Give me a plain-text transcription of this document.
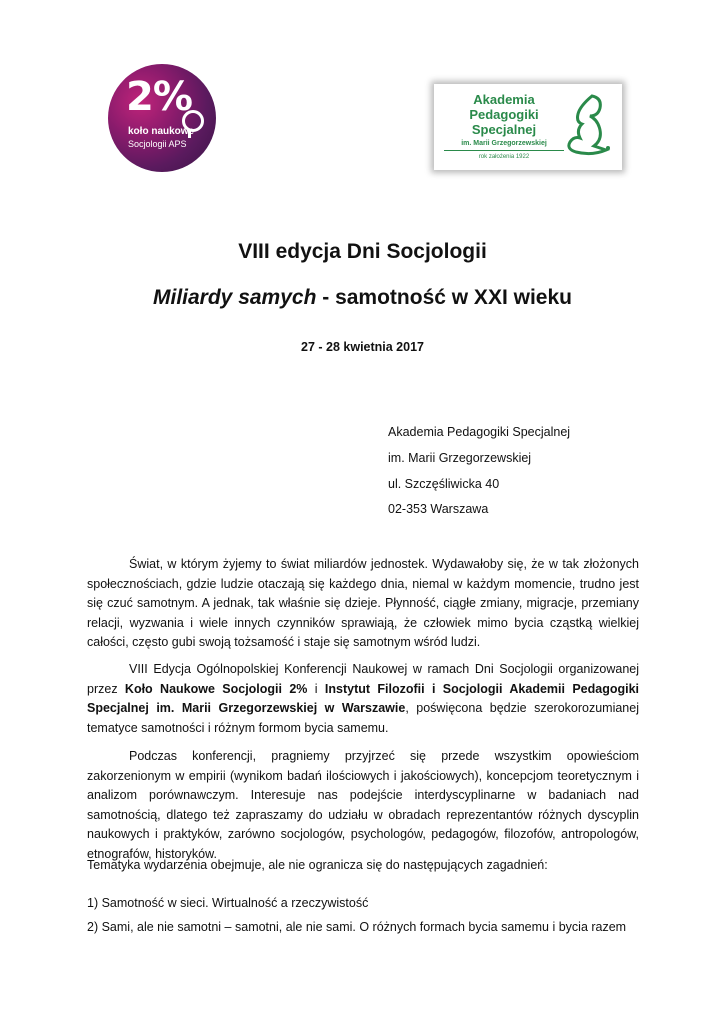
2%
koło naukowe
Socjologii APS
Akademia
Pedagogiki
Specjalnej
im. Marii Grzegorzewskiej
rok założenia 1922
VIII edycja Dni Socjologii
Miliardy samych - samotność w XXI wieku
27 - 28 kwietnia 2017
Akademia Pedagogiki Specjalnej
im. Marii Grzegorzewskiej
ul. Szczęśliwicka 40
02-353 Warszawa

Świat, w którym żyjemy to świat miliardów jednostek. Wydawałoby się, że w tak złożonych społecznościach, gdzie ludzie otaczają się każdego dnia, niemal w każdym momencie, trudno jest się czuć samotnym. A jednak, tak właśnie się dzieje. Płynność, ciągłe zmiany, migracje, przemiany relacji, wyzwania i wiele innych czynników sprawiają, że człowiek mimo bycia cząstką wielkiej całości, często gubi swoją tożsamość i staje się samotnym wśród ludzi.

VIII Edycja Ogólnopolskiej Konferencji Naukowej w ramach Dni Socjologii organizowanej przez Koło Naukowe Socjologii 2% i Instytut Filozofii i Socjologii Akademii Pedagogiki Specjalnej im. Marii Grzegorzewskiej w Warszawie, poświęcona będzie szerokorozumianej tematyce samotności i różnym formom bycia samemu.

Podczas konferencji, pragniemy przyjrzeć się przede wszystkim opowieściom zakorzenionym w empirii (wynikom badań ilościowych i jakościowych), koncepcjom teoretycznym i analizom porównawczym. Interesuje nas podejście interdyscyplinarne w badaniach nad samotnością, dlatego też zapraszamy do udziału w obradach reprezentantów różnych dyscyplin naukowych i praktyków, zarówno socjologów, psychologów, pedagogów, filozofów, antropologów, etnografów, historyków.

Tematyka wydarzenia obejmuje, ale nie ogranicza się do następujących zagadnień:
1) Samotność w sieci. Wirtualność a rzeczywistość
2) Sami, ale nie samotni – samotni, ale nie sami. O różnych formach bycia samemu i bycia razem
